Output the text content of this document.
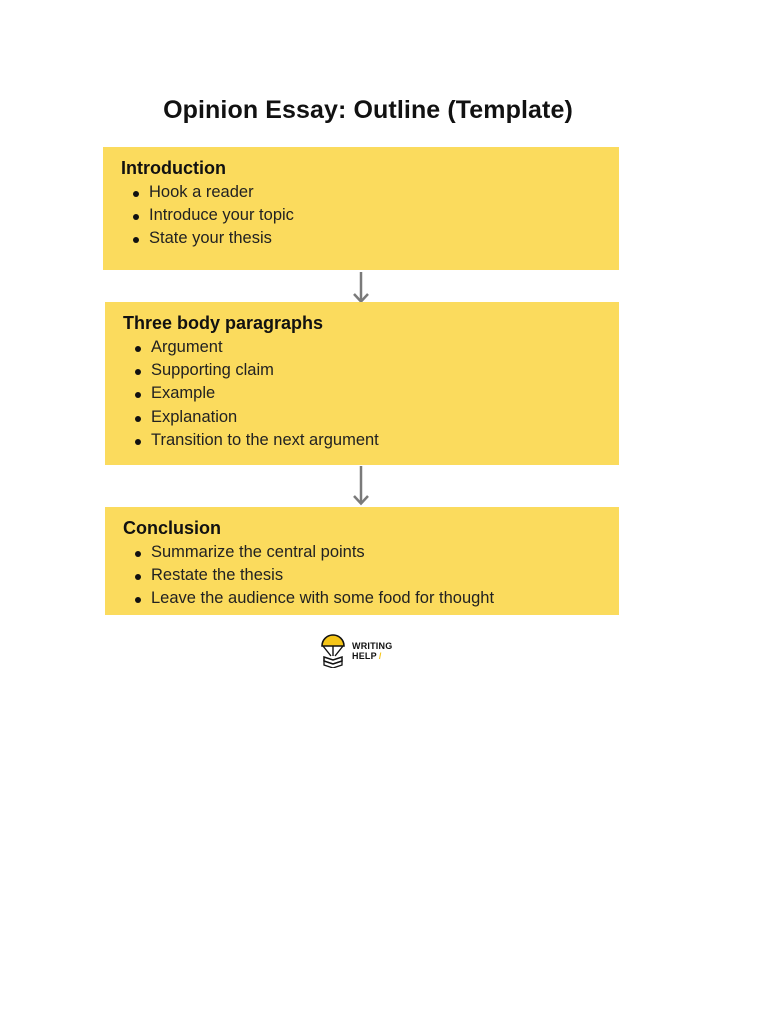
Opinion Essay: Outline (Template)
Introduction
Hook a reader
Introduce your topic
State your thesis
Three body paragraphs
Argument
Supporting claim
Example
Explanation
Transition to the next argument
Conclusion
Summarize the central points
Restate the thesis
Leave the audience with some food for thought
WRITING
HELP /
